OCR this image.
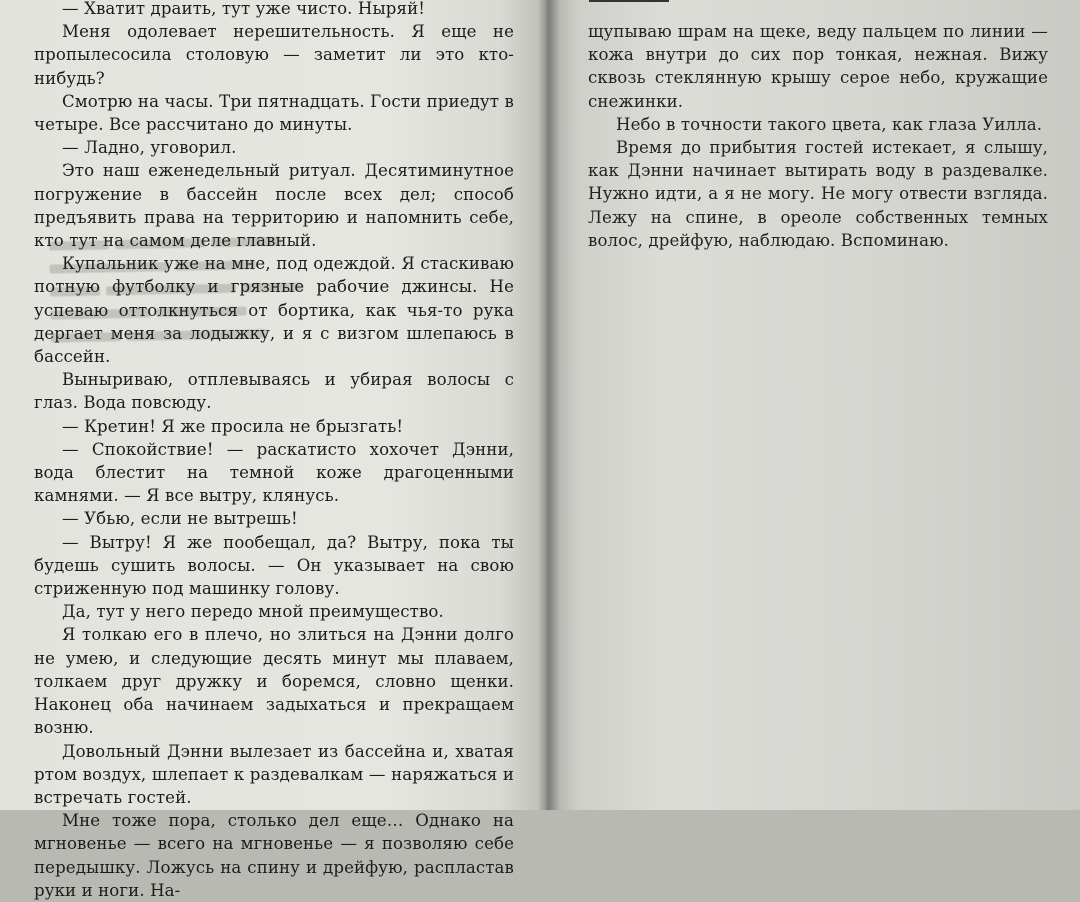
— Хватит драить, тут уже чисто. Ныряй!

Меня одолевает нерешительность. Я еще не пропылесосила столовую — заметит ли это кто-нибудь?

Смотрю на часы. Три пятнадцать. Гости приедут в четыре. Все рассчитано до минуты.

— Ладно, уговорил.

Это наш еженедельный ритуал. Десятиминутное погружение в бассейн после всех дел; способ предъявить права на территорию и напомнить себе, кто тут на самом деле главный.

Купальник уже на мне, под одеждой. Я стаскиваю потную футболку и грязные рабочие джинсы. Не успеваю оттолкнуться от бортика, как чья-то рука дергает меня за лодыжку, и я с визгом шлепаюсь в бассейн.

Выныриваю, отплевываясь и убирая волосы с глаз. Вода повсюду.

— Кретин! Я же просила не брызгать!

— Спокойствие! — раскатисто хохочет Дэнни, вода блестит на темной коже драгоценными камнями. — Я все вытру, клянусь.

— Убью, если не вытрешь!

— Вытру! Я же пообещал, да? Вытру, пока ты будешь сушить волосы. — Он указывает на свою стриженную под машинку голову.

Да, тут у него передо мной преимущество.

Я толкаю его в плечо, но злиться на Дэнни долго не умею, и следующие десять минут мы плаваем, толкаем друг дружку и боремся, словно щенки. Наконец оба начинаем задыхаться и прекращаем возню.

Довольный Дэнни вылезает из бассейна и, хватая ртом воздух, шлепает к раздевалкам — наряжаться и встречать гостей.

Мне тоже пора, столько дел еще… Однако на мгновенье — всего на мгновенье — я позволяю себе передышку. Ложусь на спину и дрейфую, распластав руки и ноги. На-

щупываю шрам на щеке, веду пальцем по линии — кожа внутри до сих пор тонкая, нежная. Вижу сквозь стеклянную крышу серое небо, кружащие снежинки.

Небо в точности такого цвета, как глаза Уилла.

Время до прибытия гостей истекает, я слышу, как Дэнни начинает вытирать воду в раздевалке. Нужно идти, а я не могу. Не могу отвести взгляда. Лежу на спине, в ореоле собственных темных волос, дрейфую, наблюдаю. Вспоминаю.
